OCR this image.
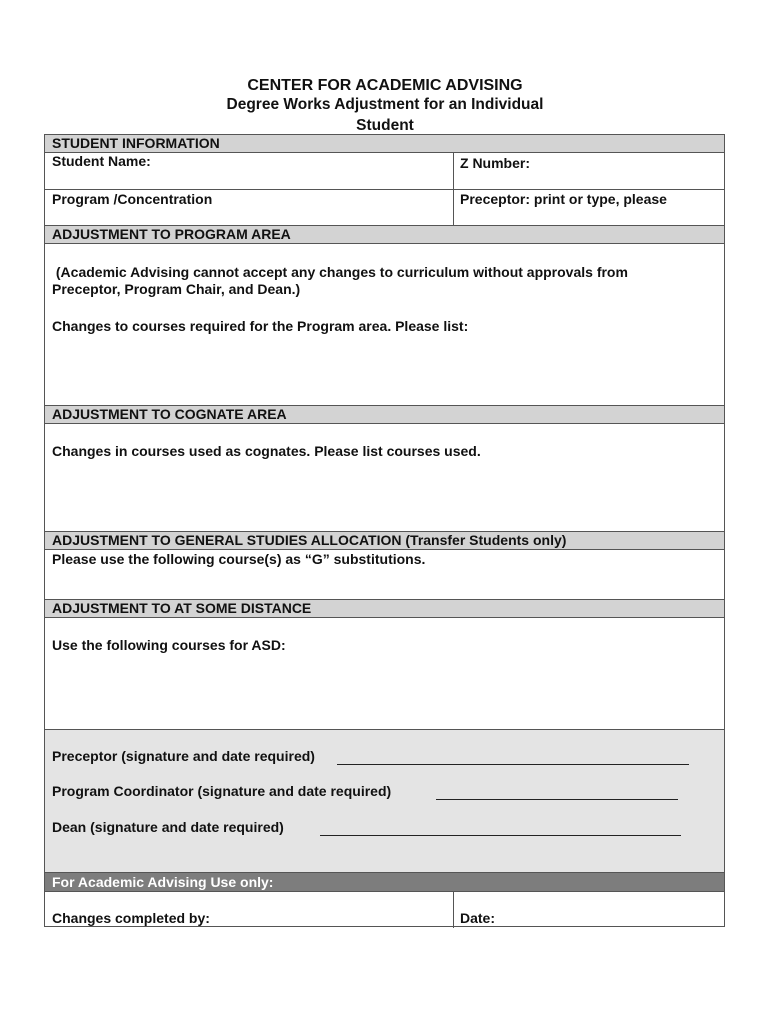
CENTER FOR ACADEMIC ADVISING
Degree Works Adjustment for an Individual
Student
STUDENT INFORMATION
Student Name:	Z Number:
Program /Concentration	Preceptor: print or type, please
ADJUSTMENT TO PROGRAM AREA
(Academic Advising cannot accept any changes to curriculum without approvals from
Preceptor, Program Chair, and Dean.)
Changes to courses required for the Program area. Please list:
ADJUSTMENT TO COGNATE AREA
Changes in courses used as cognates. Please list courses used.
ADJUSTMENT TO GENERAL STUDIES ALLOCATION (Transfer Students only)
Please use the following course(s) as “G” substitutions.
ADJUSTMENT TO AT SOME DISTANCE
Use the following courses for ASD:
Preceptor (signature and date required)
Program Coordinator (signature and date required)
Dean (signature and date required)
For Academic Advising Use only:
Changes completed by:	Date:
